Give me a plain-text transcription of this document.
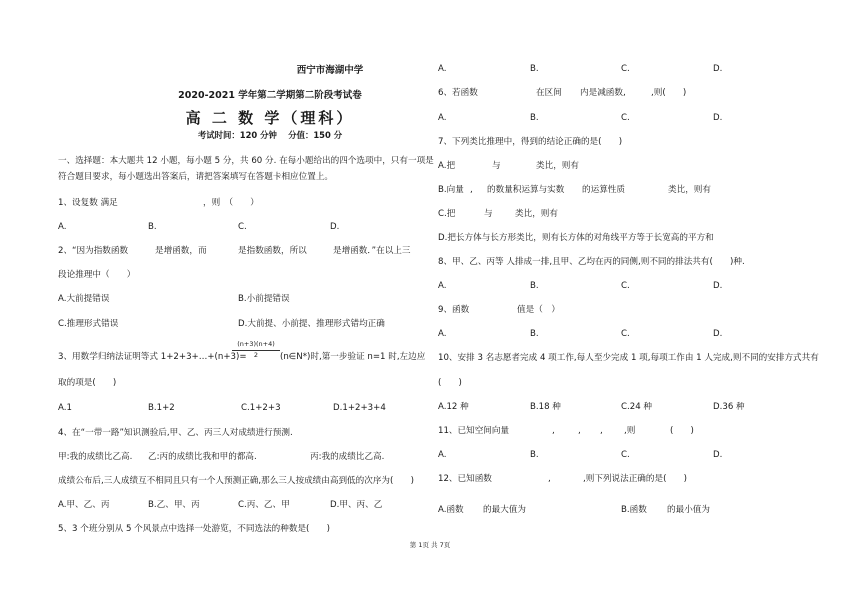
西宁市海湖中学
2020-2021 学年第二学期第二阶段考试卷
高 二 数 学（理科）
考试时间：120 分钟　 分值：150 分
一、选择题：本大题共 12 小题，每小题 5 分，共 60 分. 在每小题给出的四个选项中，只有一项是
符合题目要求，每小题选出答案后，请把答案填写在答题卡相应位置上。
1、设复数 满足	，则　（　　）
A.	B.	C.	D.
2、“因为指数函数	是增函数，而	是指数函数，所以	是增函数．”在以上三
段论推理中（　　）
A.大前提错误	B.小前提错误
C.推理形式错误	D.大前提、小前提、推理形式错均正确
3、用数学归纳法证明等式 1+2+3+…+(n+3)=
(n+3)(n+4)
2	(n∈N*)时,第一步验证 n=1 时,左边应
取的项是(　　)
A.1	B.1+2	C.1+2+3	D.1+2+3+4
4、在“一带一路”知识测验后,甲、乙、丙三人对成绩进行预测.
甲:我的成绩比乙高. 乙:丙的成绩比我和甲的都高.	丙:我的成绩比乙高.
成绩公布后,三人成绩互不相同且只有一个人预测正确,那么三人按成绩由高到低的次序为(　　)
A.甲、乙、丙	B.乙、甲、丙	C.丙、乙、甲	D.甲、丙、乙
5、3 个班分别从 5 个风景点中选择一处游览，不同选法的种数是(　　)
A.	B.	C.	D.
6、若函数	在区间 内是减函数,	,则(　　)
A.	B.	C.	D.
7、下列类比推理中，得到的结论正确的是(　　)
A.把	与	类比，则有
B.向量 , 的数量积运算与实数 的运算性质	类比，则有
C.把	与	类比，则有
D.把长方体与长方形类比，则有长方体的对角线平方等于长宽高的平方和
8、甲、乙、丙等 人排成一排,且甲、乙均在丙的同侧,则不同的排法共有(　　)种.
A.	B.	C.	D.
9、函数	值是（　）
A.	B.	C.	D.
10、安排 3 名志愿者完成 4 项工作,每人至少完成 1 项,每项工作由 1 人完成,则不同的安排方式共有
(　　)
A.12 种	B.18 种	C.24 种	D.36 种
11、已知空间向量	,	, , ,则	(　　)
A.	B.	C.	D.
12、已知函数	,	,则下列说法正确的是(　　)
A.函数 的最大值为	B.函数 的最小值为
第 1页 共 7页
